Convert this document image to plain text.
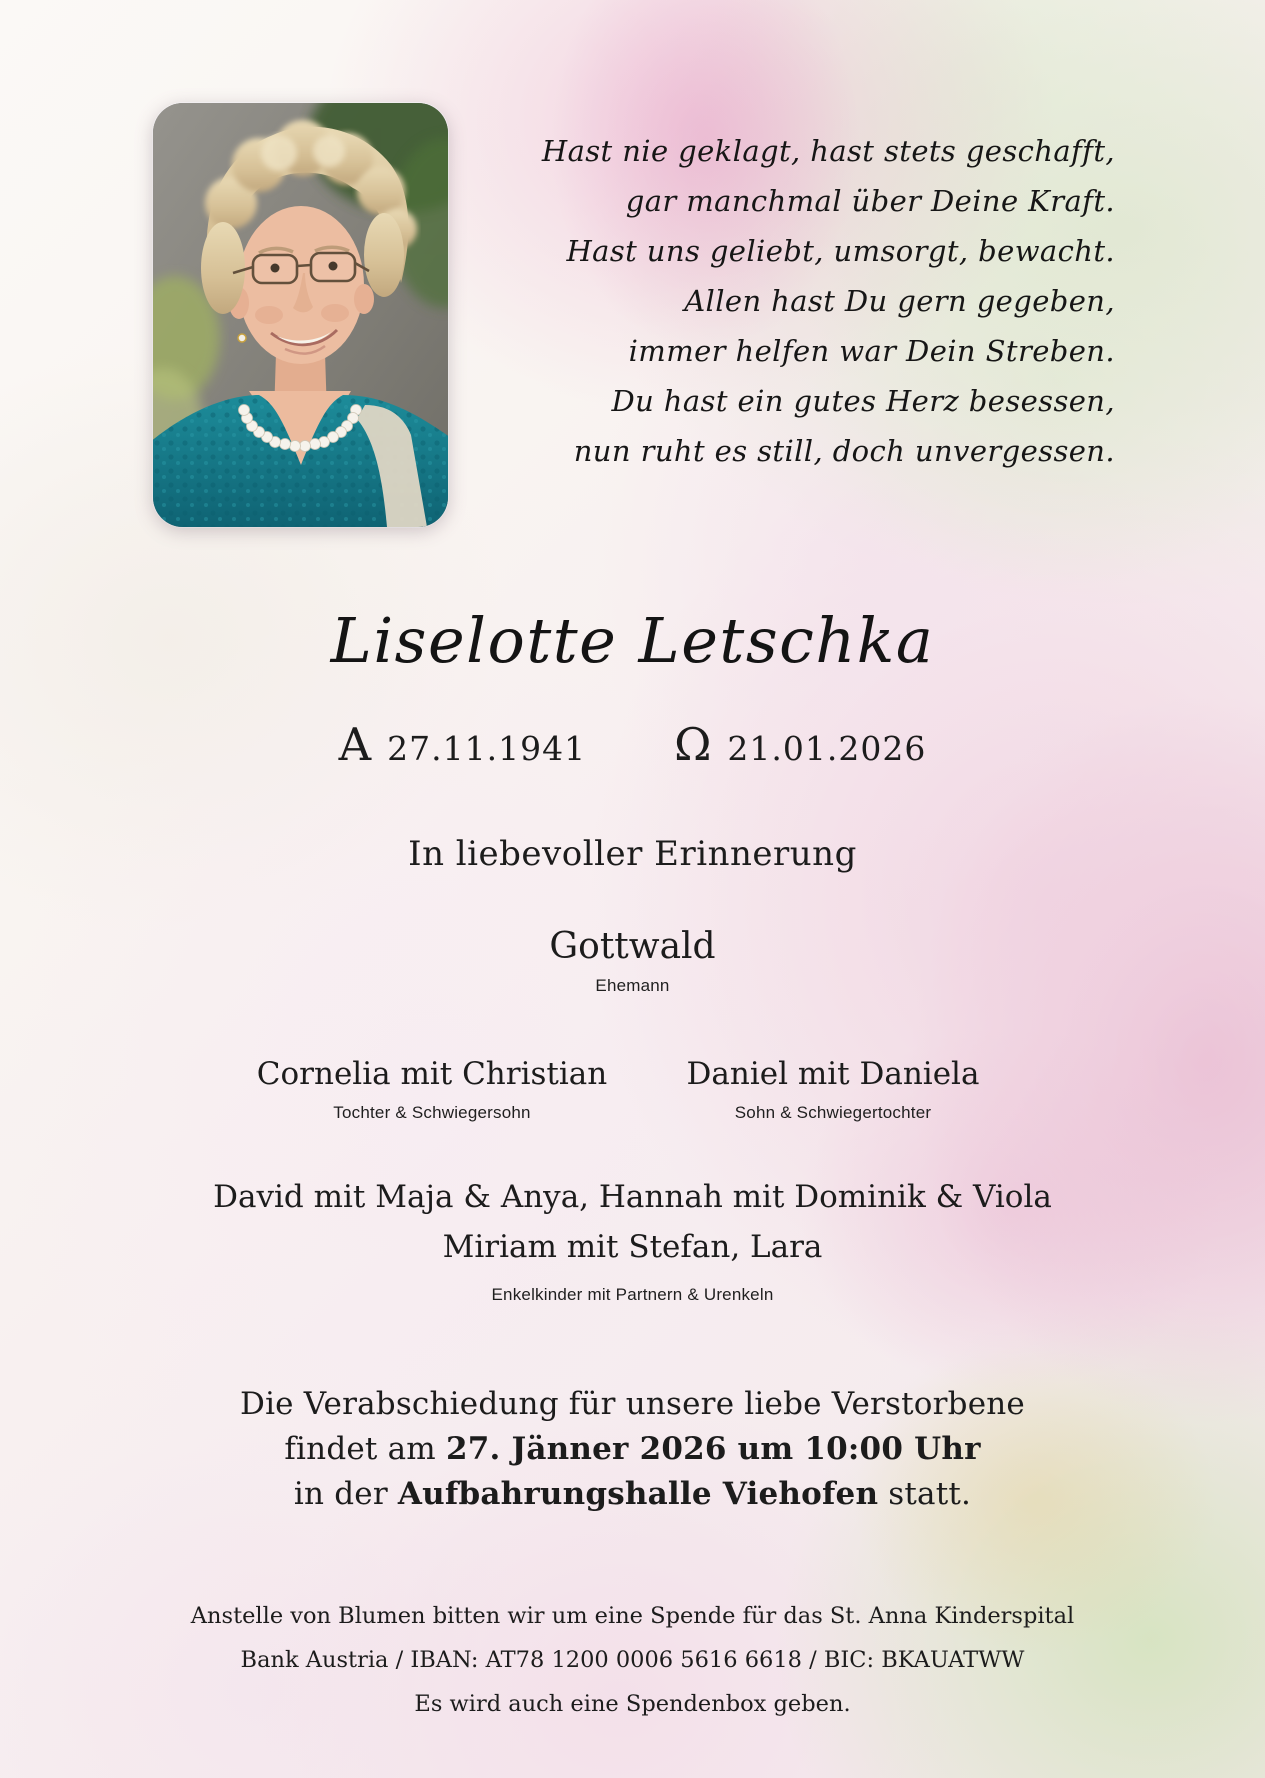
Hast nie geklagt, hast stets geschafft,
gar manchmal über Deine Kraft.
Hast uns geliebt, umsorgt, bewacht.
Allen hast Du gern gegeben,
immer helfen war Dein Streben.
Du hast ein gutes Herz besessen,
nun ruht es still, doch unvergessen.
Liselotte Letschka
A 27.11.1941 Ω 21.01.2026
In liebevoller Erinnerung
Gottwald
Ehemann
Cornelia mit Christian
Tochter & Schwiegersohn
Daniel mit Daniela
Sohn & Schwiegertochter
David mit Maja & Anya, Hannah mit Dominik & Viola
Miriam mit Stefan, Lara
Enkelkinder mit Partnern & Urenkeln
Die Verabschiedung für unsere liebe Verstorbene
findet am 27. Jänner 2026 um 10:00 Uhr
in der Aufbahrungshalle Viehofen statt.
Anstelle von Blumen bitten wir um eine Spende für das St. Anna Kinderspital
Bank Austria / IBAN: AT78 1200 0006 5616 6618 / BIC: BKAUATWW
Es wird auch eine Spendenbox geben.
